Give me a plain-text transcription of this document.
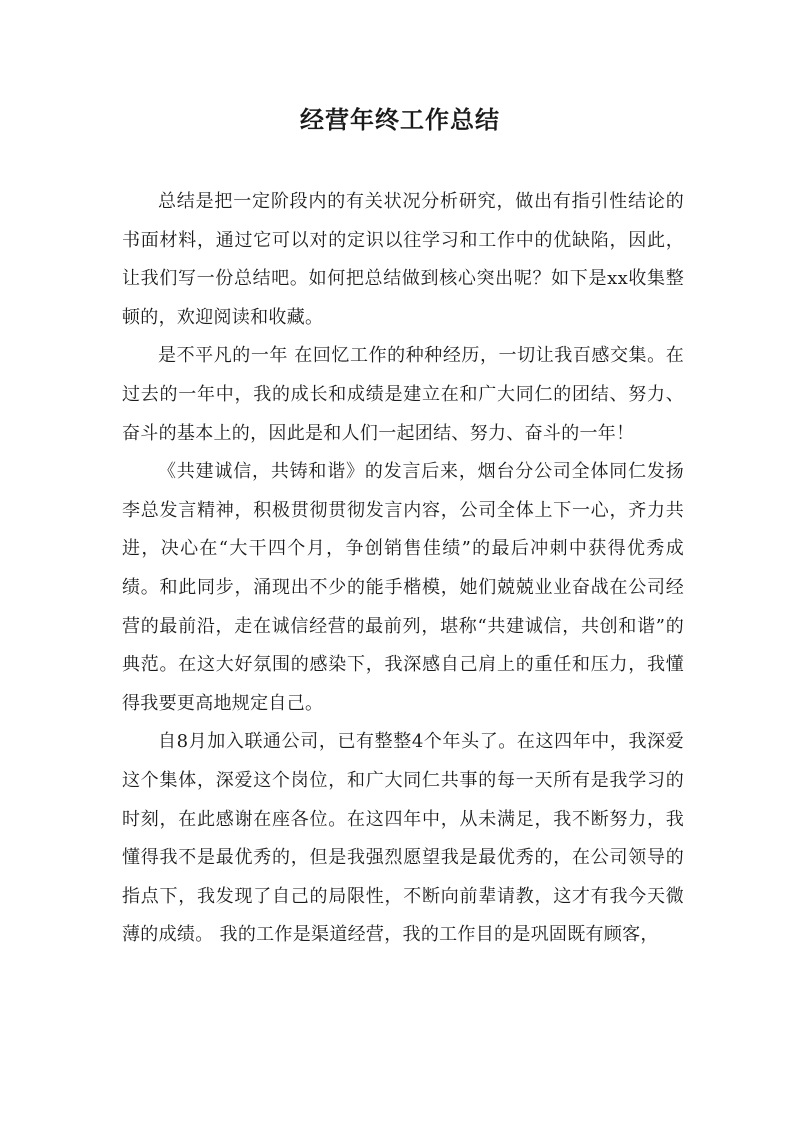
经营年终工作总结

总结是把一定阶段内的有关状况分析研究，做出有指引性结论的书面材料，通过它可以对的定识以往学习和工作中的优缺陷，因此，让我们写一份总结吧。如何把总结做到核心突出呢？如下是xx收集整顿的，欢迎阅读和收藏。

是不平凡的一年 在回忆工作的种种经历，一切让我百感交集。在过去的一年中，我的成长和成绩是建立在和广大同仁的团结、努力、奋斗的基本上的，因此是和人们一起团结、努力、奋斗的一年！

《共建诚信，共铸和谐》的发言后来，烟台分公司全体同仁发扬李总发言精神，积极贯彻贯彻发言内容，公司全体上下一心，齐力共进，决心在“大干四个月，争创销售佳绩”的最后冲刺中获得优秀成绩。和此同步，涌现出不少的能手楷模，她们兢兢业业奋战在公司经营的最前沿，走在诚信经营的最前列，堪称“共建诚信，共创和谐”的典范。在这大好氛围的感染下，我深感自己肩上的重任和压力，我懂得我要更高地规定自己。

自8月加入联通公司，已有整整4个年头了。在这四年中，我深爱这个集体，深爱这个岗位，和广大同仁共事的每一天所有是我学习的时刻，在此感谢在座各位。在这四年中，从未满足，我不断努力，我懂得我不是最优秀的，但是我强烈愿望我是最优秀的，在公司领导的指点下，我发现了自己的局限性，不断向前辈请教，这才有我今天微薄的成绩。 我的工作是渠道经营，我的工作目的是巩固既有顾客，
